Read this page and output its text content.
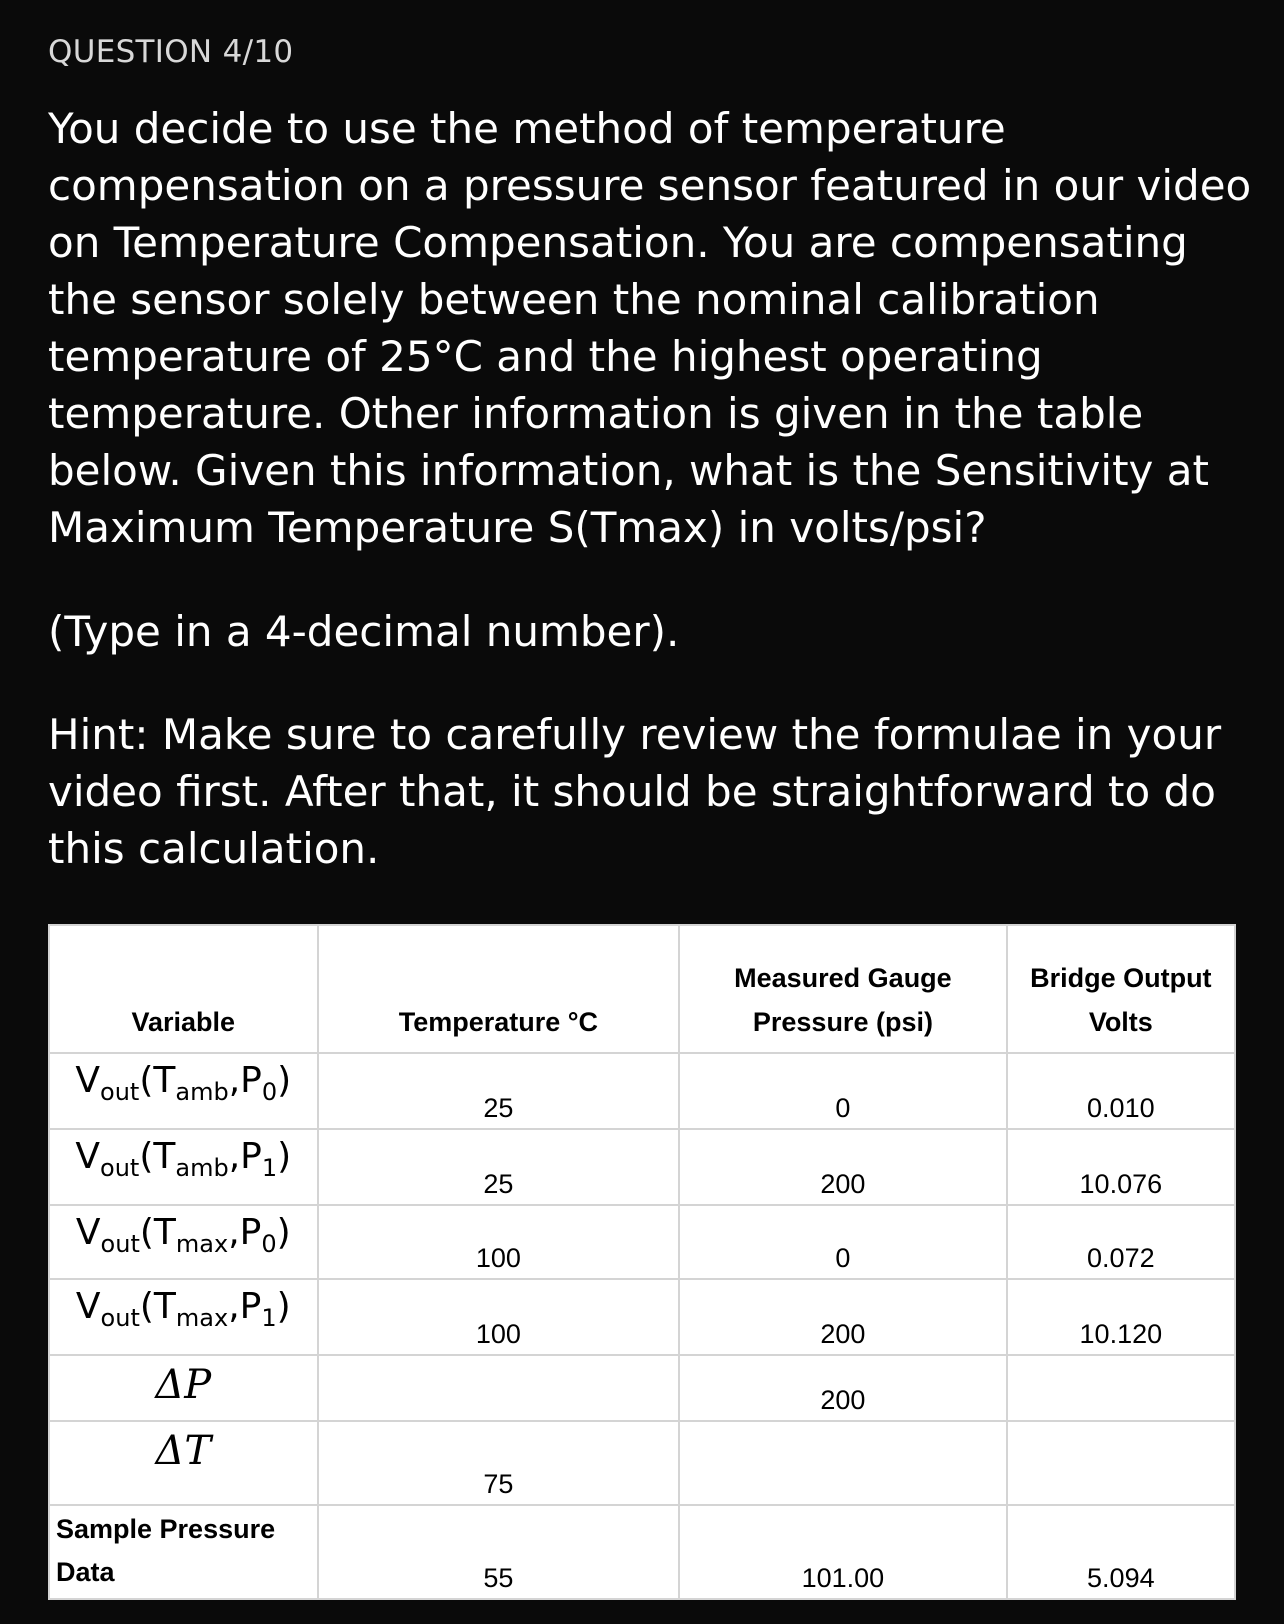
QUESTION 4/10

You decide to use the method of temperature compensation on a pressure sensor featured in our video on Temperature Compensation. You are compensating the sensor solely between the nominal calibration temperature of 25°C and the highest operating temperature. Other information is given in the table below. Given this information, what is the Sensitivity at Maximum Temperature S(Tmax) in volts/psi?

(Type in a 4-decimal number).

Hint: Make sure to carefully review the formulae in your video first. After that, it should be straightforward to do this calculation.

Variable	Temperature °C	Measured Gauge Pressure (psi)	Bridge Output Volts
$V_{out}(T_{amb},P_0)$	25	0	0.010
$V_{out}(T_{amb},P_1)$	25	200	10.076
$V_{out}(T_{max},P_0)$	100	0	0.072
$V_{out}(T_{max},P_1)$	100	200	10.120
ΔP		200	
ΔT	75		
Sample Pressure Data	55	101.00	5.094
